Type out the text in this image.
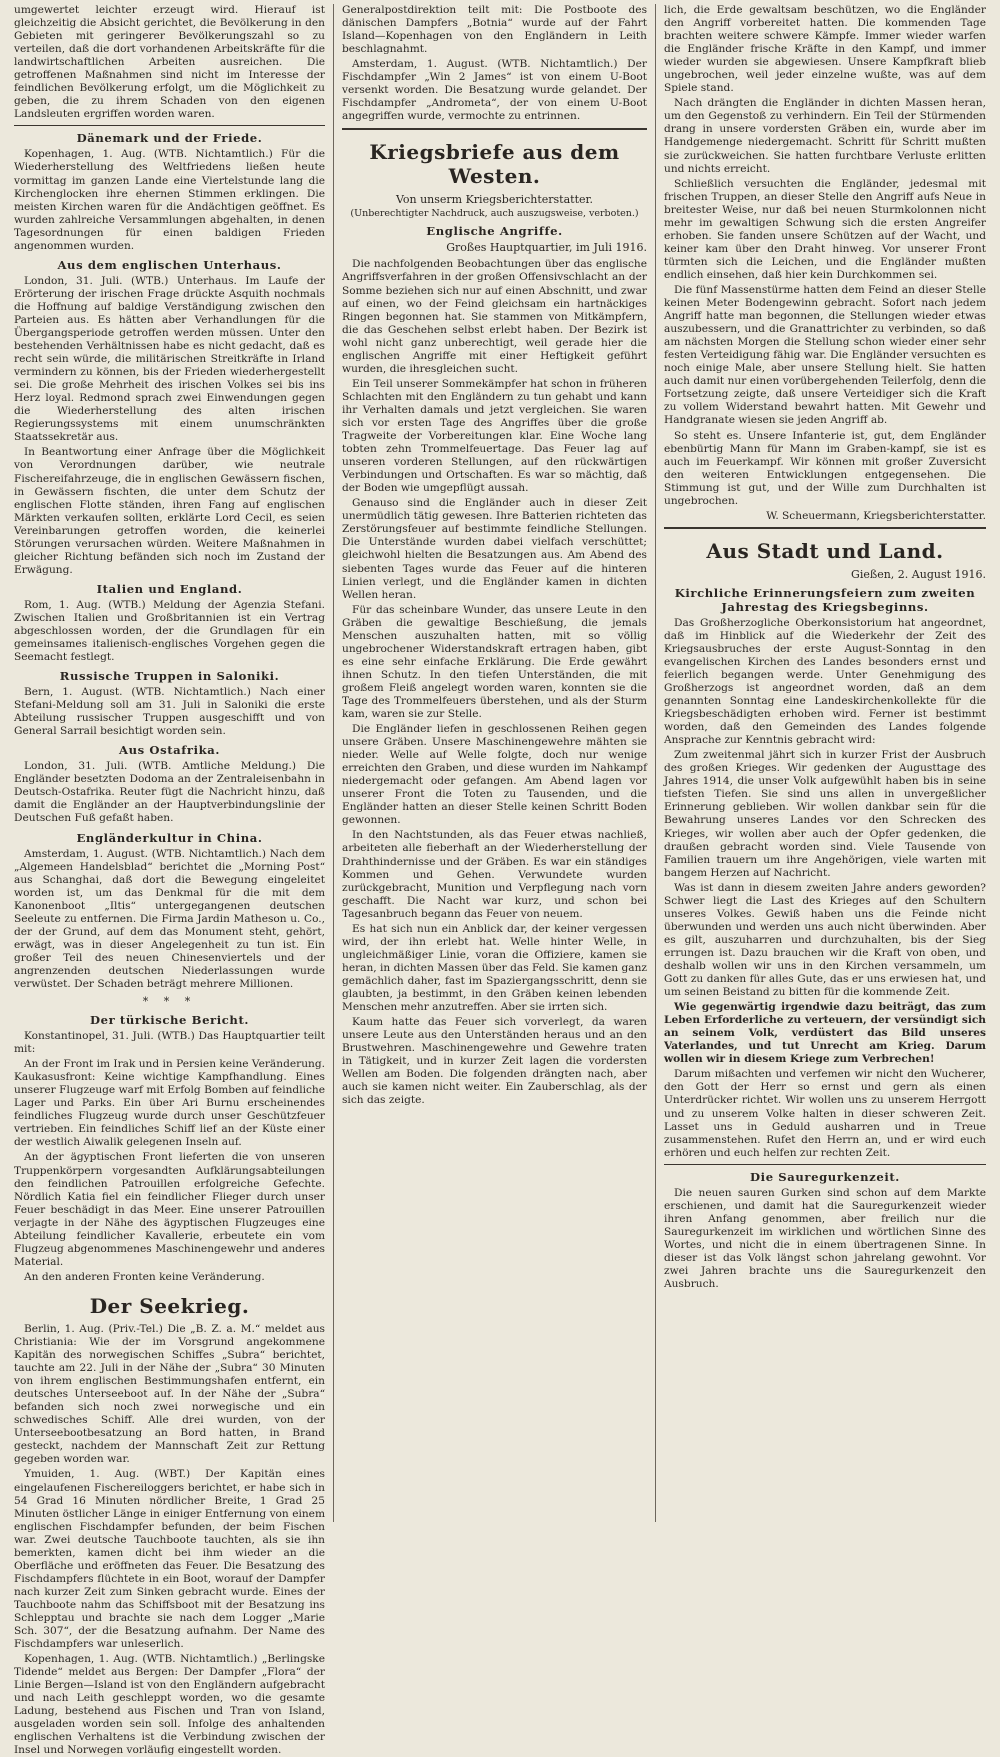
umgewertet leichter erzeugt wird. Hierauf ist gleichzeitig die Absicht gerichtet, die Bevölkerung in den Gebieten mit geringerer Bevölkerungszahl so zu verteilen, daß die dort vorhandenen Arbeitskräfte für die landwirtschaftlichen Arbeiten ausreichen. Die getroffenen Maßnahmen sind nicht im Interesse der feindlichen Bevölkerung erfolgt, um die Möglichkeit zu geben, die zu ihrem Schaden von den eigenen Landsleuten ergriffen worden waren.

Dänemark und der Friede.

Kopenhagen, 1. Aug. (WTB. Nichtamtlich.) Für die Wiederherstellung des Weltfriedens ließen heute vormittag im ganzen Lande eine Viertelstunde lang die Kirchenglocken ihre ehernen Stimmen erklingen. Die meisten Kirchen waren für die Andächtigen geöffnet. Es wurden zahlreiche Versammlungen abgehalten, in denen Tagesordnungen für einen baldigen Frieden angenommen wurden.

Aus dem englischen Unterhaus.

London, 31. Juli. (WTB.) Unterhaus. Im Laufe der Erörterung der irischen Frage drückte Asquith nochmals die Hoffnung auf baldige Verständigung zwischen den Parteien aus. Es hätten aber Verhandlungen für die Übergangsperiode getroffen werden müssen. Unter den bestehenden Verhältnissen habe es nicht gedacht, daß es recht sein würde, die militärischen Streitkräfte in Irland vermindern zu können, bis der Frieden wiederhergestellt sei. Die große Mehrheit des irischen Volkes sei bis ins Herz loyal. Redmond sprach zwei Einwendungen gegen die Wiederherstellung des alten irischen Regierungssystems mit einem unumschränkten Staatssekretär aus.

In Beantwortung einer Anfrage über die Möglichkeit von Verordnungen darüber, wie neutrale Fischereifahrzeuge, die in englischen Gewässern fischen, in Gewässern fischten, die unter dem Schutz der englischen Flotte ständen, ihren Fang auf englischen Märkten verkaufen sollten, erklärte Lord Cecil, es seien Vereinbarungen getroffen worden, die keinerlei Störungen verursachen würden. Weitere Maßnahmen in gleicher Richtung befänden sich noch im Zustand der Erwägung.

Italien und England.

Rom, 1. Aug. (WTB.) Meldung der Agenzia Stefani. Zwischen Italien und Großbritannien ist ein Vertrag abgeschlossen worden, der die Grundlagen für ein gemeinsames italienisch-englisches Vorgehen gegen die Seemacht festlegt.

Russische Truppen in Saloniki.

Bern, 1. August. (WTB. Nichtamtlich.) Nach einer Stefani-Meldung soll am 31. Juli in Saloniki die erste Abteilung russischer Truppen ausgeschifft und von General Sarrail besichtigt worden sein.

Aus Ostafrika.

London, 31. Juli. (WTB. Amtliche Meldung.) Die Engländer besetzten Dodoma an der Zentraleisenbahn in Deutsch-Ostafrika. Reuter fügt die Nachricht hinzu, daß damit die Engländer an der Hauptverbindungslinie der Deutschen Fuß gefaßt haben.

Engländerkultur in China.

Amsterdam, 1. August. (WTB. Nichtamtlich.) Nach dem „Algemeen Handelsblad“ berichtet die „Morning Post“ aus Schanghai, daß dort die Bewegung eingeleitet worden ist, um das Denkmal für die mit dem Kanonenboot „Iltis“ untergegangenen deutschen Seeleute zu entfernen. Die Firma Jardin Matheson u. Co., der der Grund, auf dem das Monument steht, gehört, erwägt, was in dieser Angelegenheit zu tun ist. Ein großer Teil des neuen Chinesenviertels und der angrenzenden deutschen Niederlassungen wurde verwüstet. Der Schaden beträgt mehrere Millionen.

* * *
Der türkische Bericht.

Konstantinopel, 31. Juli. (WTB.) Das Hauptquartier teilt mit:

An der Front im Irak und in Persien keine Veränderung. Kaukasusfront: Keine wichtige Kampfhandlung. Eines unserer Flugzeuge warf mit Erfolg Bomben auf feindliche Lager und Parks. Ein über Ari Burnu erscheinendes feindliches Flugzeug wurde durch unser Geschützfeuer vertrieben. Ein feindliches Schiff lief an der Küste einer der westlich Aiwalik gelegenen Inseln auf.

An der ägyptischen Front lieferten die von unseren Truppenkörpern vorgesandten Aufklärungsabteilungen den feindlichen Patrouillen erfolgreiche Gefechte. Nördlich Katia fiel ein feindlicher Flieger durch unser Feuer beschädigt in das Meer. Eine unserer Patrouillen verjagte in der Nähe des ägyptischen Flugzeuges eine Abteilung feindlicher Kavallerie, erbeutete ein vom Flugzeug abgenommenes Maschinengewehr und anderes Material.

An den anderen Fronten keine Veränderung.

Der Seekrieg.

Berlin, 1. Aug. (Priv.-Tel.) Die „B. Z. a. M.“ meldet aus Christiania: Wie der im Vorsgrund angekommene Kapitän des norwegischen Schiffes „Subra“ berichtet, tauchte am 22. Juli in der Nähe der „Subra“ 30 Minuten von ihrem englischen Bestimmungshafen entfernt, ein deutsches Unterseeboot auf. In der Nähe der „Subra“ befanden sich noch zwei norwegische und ein schwedisches Schiff. Alle drei wurden, von der Unterseebootbesatzung an Bord hatten, in Brand gesteckt, nachdem der Mannschaft Zeit zur Rettung gegeben worden war.

Ymuiden, 1. Aug. (WBT.) Der Kapitän eines eingelaufenen Fischereiloggers berichtet, er habe sich in 54 Grad 16 Minuten nördlicher Breite, 1 Grad 25 Minuten östlicher Länge in einiger Entfernung von einem englischen Fischdampfer befunden, der beim Fischen war. Zwei deutsche Tauchboote tauchten, als sie ihn bemerkten, kamen dicht bei ihm wieder an die Oberfläche und eröffneten das Feuer. Die Besatzung des Fischdampfers flüchtete in ein Boot, worauf der Dampfer nach kurzer Zeit zum Sinken gebracht wurde. Eines der Tauchboote nahm das Schiffsboot mit der Besatzung ins Schlepptau und brachte sie nach dem Logger „Marie Sch. 307“, der die Besatzung aufnahm. Der Name des Fischdampfers war unleserlich.

Kopenhagen, 1. Aug. (WTB. Nichtamtlich.) „Berlingske Tidende“ meldet aus Bergen: Der Dampfer „Flora“ der Linie Bergen—Island ist von den Engländern aufgebracht und nach Leith geschleppt worden, wo die gesamte Ladung, bestehend aus Fischen und Tran von Island, ausgeladen worden sein soll. Infolge des anhaltenden englischen Verhaltens ist die Verbindung zwischen der Insel und Norwegen vorläufig eingestellt worden.

Generalpostdirektion teilt mit: Die Postboote des dänischen Dampfers „Botnia“ wurde auf der Fahrt Island—Kopenhagen von den Engländern in Leith beschlagnahmt.

Amsterdam, 1. August. (WTB. Nichtamtlich.) Der Fischdampfer „Win 2 James“ ist von einem U-Boot versenkt worden. Die Besatzung wurde gelandet. Der Fischdampfer „Andrometa“, der von einem U-Boot angegriffen wurde, vermochte zu entrinnen.

Kriegsbriefe aus dem Westen.
Von unserm Kriegsberichterstatter.
(Unberechtigter Nachdruck, auch auszugsweise, verboten.)
Englische Angriffe.
Großes Hauptquartier, im Juli 1916.

Die nachfolgenden Beobachtungen über das englische Angriffsverfahren in der großen Offensivschlacht an der Somme beziehen sich nur auf einen Abschnitt, und zwar auf einen, wo der Feind gleichsam ein hartnäckiges Ringen begonnen hat. Sie stammen von Mitkämpfern, die das Geschehen selbst erlebt haben. Der Bezirk ist wohl nicht ganz unberechtigt, weil gerade hier die englischen Angriffe mit einer Heftigkeit geführt wurden, die ihresgleichen sucht.

Ein Teil unserer Sommekämpfer hat schon in früheren Schlachten mit den Engländern zu tun gehabt und kann ihr Verhalten damals und jetzt vergleichen. Sie waren sich vor ersten Tage des Angriffes über die große Tragweite der Vorbereitungen klar. Eine Woche lang tobten zehn Trommelfeuertage. Das Feuer lag auf unseren vorderen Stellungen, auf den rückwärtigen Verbindungen und Ortschaften. Es war so mächtig, daß der Boden wie umgepflügt aussah.

Genauso sind die Engländer auch in dieser Zeit unermüdlich tätig gewesen. Ihre Batterien richteten das Zerstörungsfeuer auf bestimmte feindliche Stellungen. Die Unterstände wurden dabei vielfach verschüttet; gleichwohl hielten die Besatzungen aus. Am Abend des siebenten Tages wurde das Feuer auf die hinteren Linien verlegt, und die Engländer kamen in dichten Wellen heran.

Für das scheinbare Wunder, das unsere Leute in den Gräben die gewaltige Beschießung, die jemals Menschen auszuhalten hatten, mit so völlig ungebrochener Widerstandskraft ertragen haben, gibt es eine sehr einfache Erklärung. Die Erde gewährt ihnen Schutz. In den tiefen Unterständen, die mit großem Fleiß angelegt worden waren, konnten sie die Tage des Trommelfeuers überstehen, und als der Sturm kam, waren sie zur Stelle.

Die Engländer liefen in geschlossenen Reihen gegen unsere Gräben. Unsere Maschinengewehre mähten sie nieder. Welle auf Welle folgte, doch nur wenige erreichten den Graben, und diese wurden im Nahkampf niedergemacht oder gefangen. Am Abend lagen vor unserer Front die Toten zu Tausenden, und die Engländer hatten an dieser Stelle keinen Schritt Boden gewonnen.

In den Nachtstunden, als das Feuer etwas nachließ, arbeiteten alle fieberhaft an der Wiederherstellung der Drahthindernisse und der Gräben. Es war ein ständiges Kommen und Gehen. Verwundete wurden zurückgebracht, Munition und Verpflegung nach vorn geschafft. Die Nacht war kurz, und schon bei Tagesanbruch begann das Feuer von neuem.

Es hat sich nun ein Anblick dar, der keiner vergessen wird, der ihn erlebt hat. Welle hinter Welle, in ungleichmäßiger Linie, voran die Offiziere, kamen sie heran, in dichten Massen über das Feld. Sie kamen ganz gemächlich daher, fast im Spaziergangsschritt, denn sie glaubten, ja bestimmt, in den Gräben keinen lebenden Menschen mehr anzutreffen. Aber sie irrten sich.

Kaum hatte das Feuer sich vorverlegt, da waren unsere Leute aus den Unterständen heraus und an den Brustwehren. Maschinengewehre und Gewehre traten in Tätigkeit, und in kurzer Zeit lagen die vordersten Wellen am Boden. Die folgenden drängten nach, aber auch sie kamen nicht weiter. Ein Zauberschlag, als der sich das zeigte.

lich, die Erde gewaltsam beschützen, wo die Engländer den Angriff vorbereitet hatten. Die kommenden Tage brachten weitere schwere Kämpfe. Immer wieder warfen die Engländer frische Kräfte in den Kampf, und immer wieder wurden sie abgewiesen. Unsere Kampfkraft blieb ungebrochen, weil jeder einzelne wußte, was auf dem Spiele stand.

Nach drängten die Engländer in dichten Massen heran, um den Gegenstoß zu verhindern. Ein Teil der Stürmenden drang in unsere vordersten Gräben ein, wurde aber im Handgemenge niedergemacht. Schritt für Schritt mußten sie zurückweichen. Sie hatten furchtbare Verluste erlitten und nichts erreicht.

Schließlich versuchten die Engländer, jedesmal mit frischen Truppen, an dieser Stelle den Angriff aufs Neue in breitester Weise, nur daß bei neuen Sturmkolonnen nicht mehr im gewaltigen Schwung sich die ersten Angreifer erhoben. Sie fanden unsere Schützen auf der Wacht, und keiner kam über den Draht hinweg. Vor unserer Front türmten sich die Leichen, und die Engländer mußten endlich einsehen, daß hier kein Durchkommen sei.

Die fünf Massenstürme hatten dem Feind an dieser Stelle keinen Meter Bodengewinn gebracht. Sofort nach jedem Angriff hatte man begonnen, die Stellungen wieder etwas auszubessern, und die Granattrichter zu verbinden, so daß am nächsten Morgen die Stellung schon wieder einer sehr festen Verteidigung fähig war. Die Engländer versuchten es noch einige Male, aber unsere Stellung hielt. Sie hatten auch damit nur einen vorübergehenden Teilerfolg, denn die Fortsetzung zeigte, daß unsere Verteidiger sich die Kraft zu vollem Widerstand bewahrt hatten. Mit Gewehr und Handgranate wiesen sie jeden Angriff ab.

So steht es. Unsere Infanterie ist, gut, dem Engländer ebenbürtig Mann für Mann im Graben-kampf, sie ist es auch im Feuerkampf. Wir können mit großer Zuversicht den weiteren Entwicklungen entgegensehen. Die Stimmung ist gut, und der Wille zum Durchhalten ist ungebrochen.

W. Scheuermann, Kriegsberichterstatter.
Aus Stadt und Land.
Gießen, 2. August 1916.
Kirchliche Erinnerungsfeiern zum zweiten Jahrestag des Kriegsbeginns.

Das Großherzogliche Oberkonsistorium hat angeordnet, daß im Hinblick auf die Wiederkehr der Zeit des Kriegsausbruches der erste August-Sonntag in den evangelischen Kirchen des Landes besonders ernst und feierlich begangen werde. Unter Genehmigung des Großherzogs ist angeordnet worden, daß an dem genannten Sonntag eine Landeskirchenkollekte für die Kriegsbeschädigten erhoben wird. Ferner ist bestimmt worden, daß den Gemeinden des Landes folgende Ansprache zur Kenntnis gebracht wird:

Zum zweitenmal jährt sich in kurzer Frist der Ausbruch des großen Krieges. Wir gedenken der Augusttage des Jahres 1914, die unser Volk aufgewühlt haben bis in seine tiefsten Tiefen. Sie sind uns allen in unvergeßlicher Erinnerung geblieben. Wir wollen dankbar sein für die Bewahrung unseres Landes vor den Schrecken des Krieges, wir wollen aber auch der Opfer gedenken, die draußen gebracht worden sind. Viele Tausende von Familien trauern um ihre Angehörigen, viele warten mit bangem Herzen auf Nachricht.

Was ist dann in diesem zweiten Jahre anders geworden? Schwer liegt die Last des Krieges auf den Schultern unseres Volkes. Gewiß haben uns die Feinde nicht überwunden und werden uns auch nicht überwinden. Aber es gilt, auszuharren und durchzuhalten, bis der Sieg errungen ist. Dazu brauchen wir die Kraft von oben, und deshalb wollen wir uns in den Kirchen versammeln, um Gott zu danken für alles Gute, das er uns erwiesen hat, und um seinen Beistand zu bitten für die kommende Zeit.

Wie gegenwärtig irgendwie dazu beiträgt, das zum Leben Erforderliche zu verteuern, der versündigt sich an seinem Volk, verdüstert das Bild unseres Vaterlandes, und tut Unrecht am Krieg. Darum wollen wir in diesem Kriege zum Verbrechen!

Darum mißachten und verfemen wir nicht den Wucherer, den Gott der Herr so ernst und gern als einen Unterdrücker richtet. Wir wollen uns zu unserem Herrgott und zu unserem Volke halten in dieser schweren Zeit. Lasset uns in Geduld ausharren und in Treue zusammenstehen. Rufet den Herrn an, und er wird euch erhören und euch helfen zur rechten Zeit.

Die Sauregurkenzeit.

Die neuen sauren Gurken sind schon auf dem Markte erschienen, und damit hat die Sauregurkenzeit wieder ihren Anfang genommen, aber freilich nur die Sauregurkenzeit im wirklichen und wörtlichen Sinne des Wortes, und nicht die in einem übertragenen Sinne. In dieser ist das Volk längst schon jahrelang gewohnt. Vor zwei Jahren brachte uns die Sauregurkenzeit den Ausbruch.
